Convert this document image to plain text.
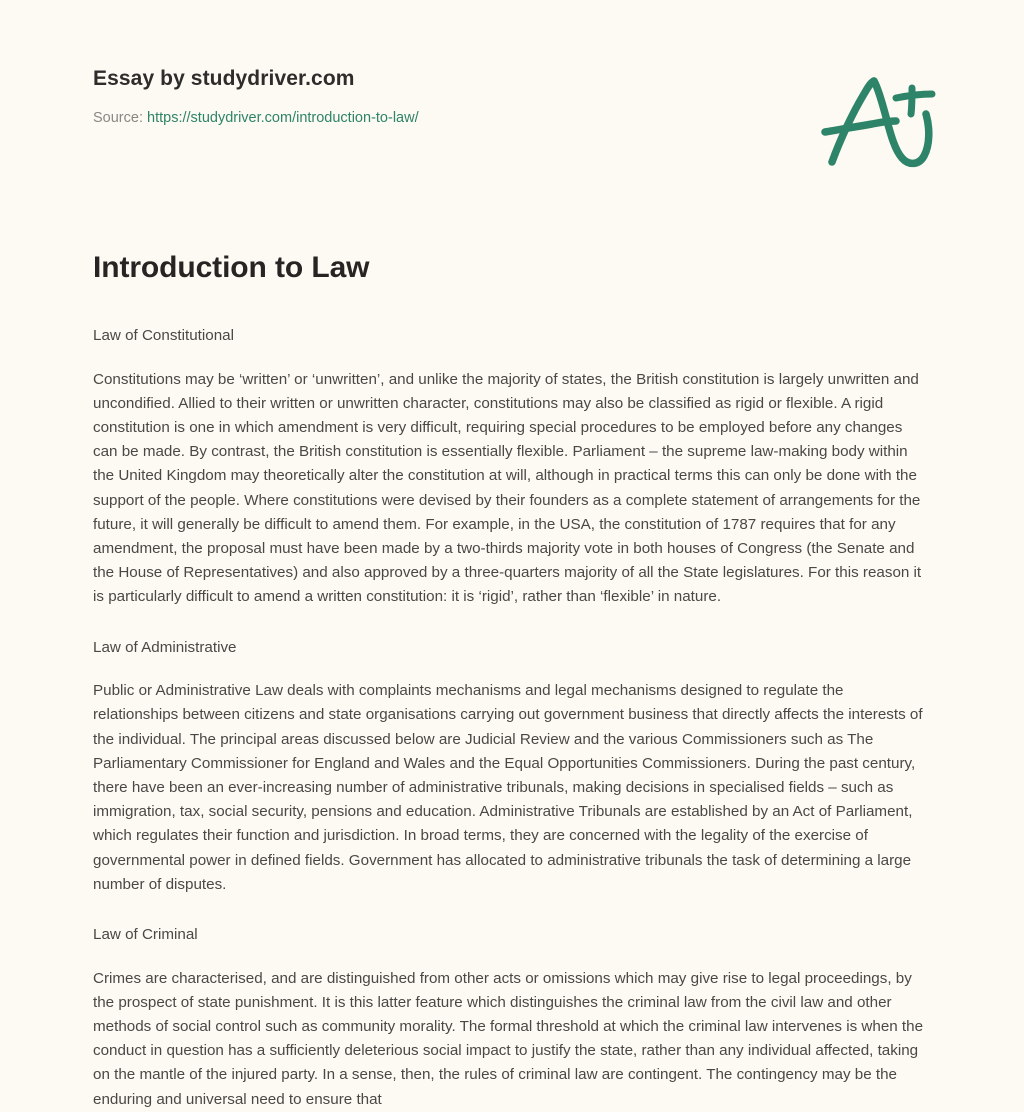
Essay by studydriver.com
Source: https://studydriver.com/introduction-to-law/
Introduction to Law

Law of Constitutional

Constitutions may be ‘written’ or ‘unwritten’, and unlike the majority of states, the British constitution is largely unwritten and uncondified. Allied to their written or unwritten character, constitutions may also be classified as rigid or flexible. A rigid constitution is one in which amendment is very difficult, requiring special procedures to be employed before any changes can be made. By contrast, the British constitution is essentially flexible. Parliament – the supreme law-making body within the United Kingdom may theoretically alter the constitution at will, although in practical terms this can only be done with the support of the people. Where constitutions were devised by their founders as a complete statement of arrangements for the future, it will generally be difficult to amend them. For example, in the USA, the constitution of 1787 requires that for any amendment, the proposal must have been made by a two-thirds majority vote in both houses of Congress (the Senate and the House of Representatives) and also approved by a three-quarters majority of all the State legislatures. For this reason it is particularly difficult to amend a written constitution: it is ‘rigid’, rather than ‘flexible’ in nature.

Law of Administrative

Public or Administrative Law deals with complaints mechanisms and legal mechanisms designed to regulate the relationships between citizens and state organisations carrying out government business that directly affects the interests of the individual. The principal areas discussed below are Judicial Review and the various Commissioners such as The Parliamentary Commissioner for England and Wales and the Equal Opportunities Commissioners. During the past century, there have been an ever-increasing number of administrative tribunals, making decisions in specialised fields – such as immigration, tax, social security, pensions and education. Administrative Tribunals are established by an Act of Parliament, which regulates their function and jurisdiction. In broad terms, they are concerned with the legality of the exercise of governmental power in defined fields. Government has allocated to administrative tribunals the task of determining a large number of disputes.

Law of Criminal

Crimes are characterised, and are distinguished from other acts or omissions which may give rise to legal proceedings, by the prospect of state punishment. It is this latter feature which distinguishes the criminal law from the civil law and other methods of social control such as community morality. The formal threshold at which the criminal law intervenes is when the conduct in question has a sufficiently deleterious social impact to justify the state, rather than any individual affected, taking on the mantle of the injured party. In a sense, then, the rules of criminal law are contingent. The contingency may be the enduring and universal need to ensure that
